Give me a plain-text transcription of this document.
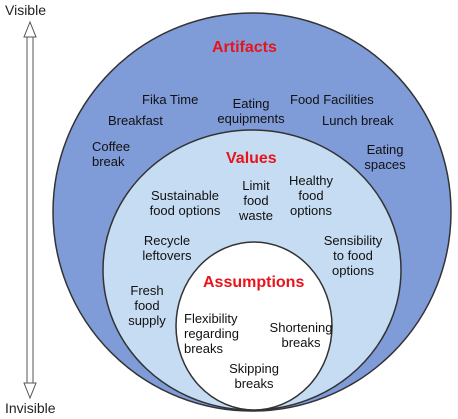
Visible
Invisible
Artifacts
Fika Time
Breakfast
Eating equipments
Food Facilities
Lunch break
Coffee break
Eating spaces
Values
Sustainable food options
Limit food waste
Healthy food options
Recycle leftovers
Sensibility to food options
Fresh food supply
Assumptions
Flexibility regarding breaks
Shortening breaks
Skipping breaks
